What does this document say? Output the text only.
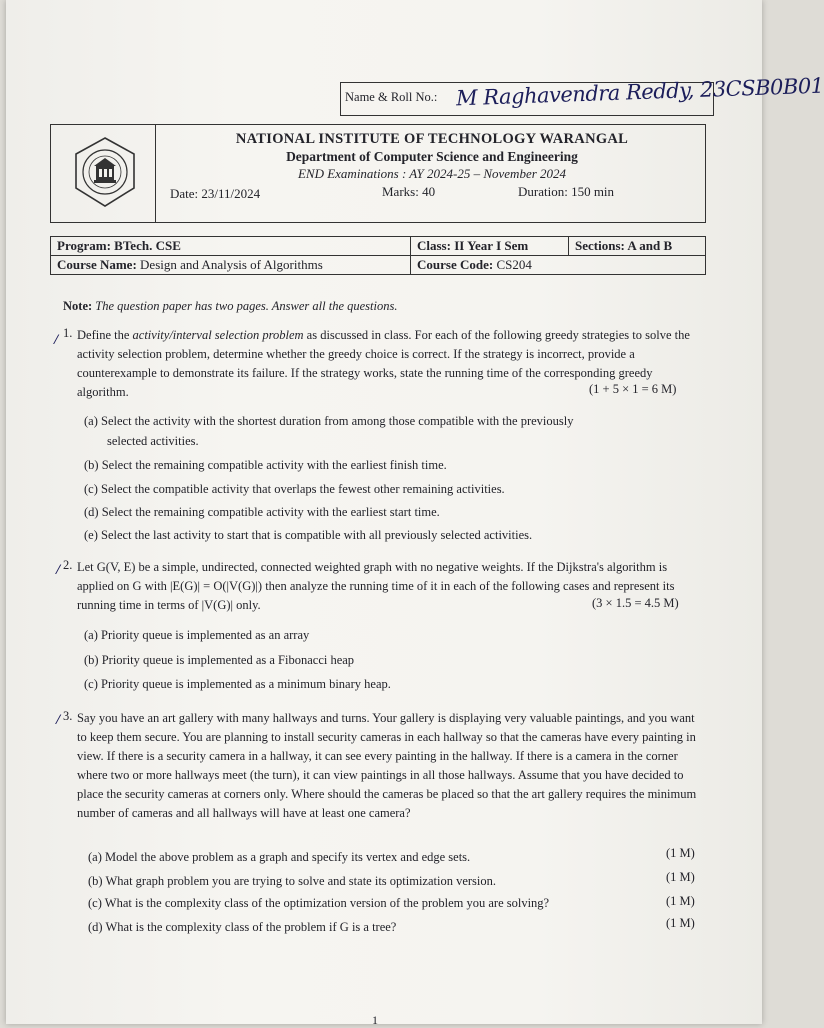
Name & Roll No.: M Raghavendra Reddy, 23CSB0B01
NATIONAL INSTITUTE OF TECHNOLOGY WARANGAL
Department of Computer Science and Engineering
END Examinations : AY 2024-25 – November 2024
Date: 23/11/2024	Marks: 40	Duration: 150 min
Program: BTech. CSE	Class: II Year I Sem	Sections: A and B
Course Name: Design and Analysis of Algorithms	Course Code: CS204	
Note: The question paper has two pages. Answer all the questions.
/ 1. Define the activity/interval selection problem as discussed in class. For each of the following greedy strategies to solve the activity selection problem, determine whether the greedy choice is correct. If the strategy is incorrect, provide a counterexample to demonstrate its failure. If the strategy works, state the running time of the corresponding greedy algorithm.	(1 + 5 × 1 = 6 M)
(a) Select the activity with the shortest duration from among those compatible with the previously
selected activities.
(b) Select the remaining compatible activity with the earliest finish time.
(c) Select the compatible activity that overlaps the fewest other remaining activities.
(d) Select the remaining compatible activity with the earliest start time.
(e) Select the last activity to start that is compatible with all previously selected activities.
/ 2. Let G(V, E) be a simple, undirected, connected weighted graph with no negative weights. If the Dijkstra's algorithm is applied on G with |E(G)| = O(|V(G)|) then analyze the running time of it in each of the following cases and represent its running time in terms of |V(G)| only.	(3 × 1.5 = 4.5 M)
(a) Priority queue is implemented as an array
(b) Priority queue is implemented as a Fibonacci heap
(c) Priority queue is implemented as a minimum binary heap.
/ 3. Say you have an art gallery with many hallways and turns. Your gallery is displaying very valuable paintings, and you want to keep them secure. You are planning to install security cameras in each hallway so that the cameras have every painting in view. If there is a security camera in a hallway, it can see every painting in the hallway. If there is a camera in the corner where two or more hallways meet (the turn), it can view paintings in all those hallways. Assume that you have decided to place the security cameras at corners only. Where should the cameras be placed so that the art gallery requires the minimum number of cameras and all hallways will have at least one camera?
(a) Model the above problem as a graph and specify its vertex and edge sets.	(1 M)
(b) What graph problem you are trying to solve and state its optimization version.	(1 M)
(c) What is the complexity class of the optimization version of the problem you are solving?	(1 M)
(d) What is the complexity class of the problem if G is a tree?	(1 M)
1
